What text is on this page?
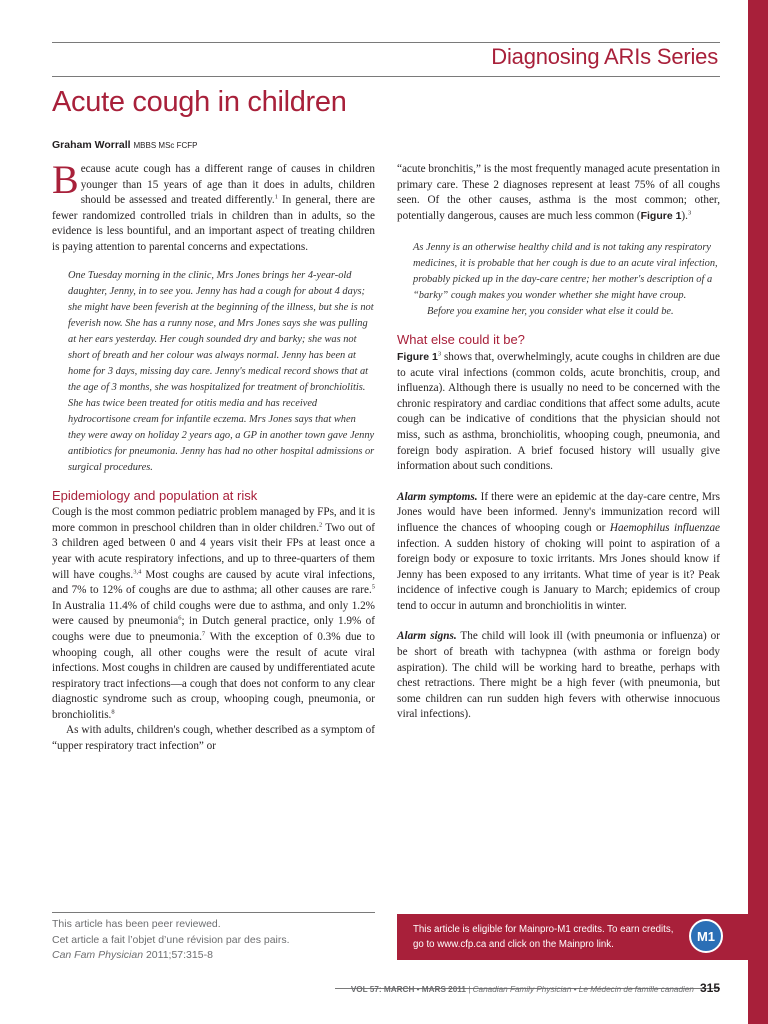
Diagnosing ARIs Series
Acute cough in children
Graham Worrall MBBS MSc FCFP

Because acute cough has a different range of causes in children younger than 15 years of age than it does in adults, children should be assessed and treated differently.$^1$ In general, there are fewer randomized controlled trials in children than in adults, so the evidence is less bountiful, and an important aspect of treating children is paying attention to parental concerns and expectations.

One Tuesday morning in the clinic, Mrs Jones brings her 4-year-old daughter, Jenny, in to see you. Jenny has had a cough for about 4 days; she might have been feverish at the beginning of the illness, but she is not feverish now. She has a runny nose, and Mrs Jones says she was pulling at her ears yesterday. Her cough sounded dry and barky; she was not short of breath and her colour was always normal. Jenny has been at home for 3 days, missing day care. Jenny's medical record shows that at the age of 3 months, she was hospitalized for treatment of bronchiolitis. She has twice been treated for otitis media and has received hydrocortisone cream for infantile eczema. Mrs Jones says that when they were away on holiday 2 years ago, a GP in another town gave Jenny antibiotics for pneumonia. Jenny has had no other hospital admissions or surgical procedures.

Epidemiology and population at risk

Cough is the most common pediatric problem managed by FPs, and it is more common in preschool children than in older children.$^2$ Two out of 3 children aged between 0 and 4 years visit their FPs at least once a year with acute respiratory infections, and up to three-quarters of them will have coughs.$^{3,4}$ Most coughs are caused by acute viral infections, and 7% to 12% of coughs are due to asthma; all other causes are rare.$^5$ In Australia 11.4% of child coughs were due to asthma, and only 1.2% were caused by pneumonia$^6$; in Dutch general practice, only 1.9% of coughs were due to pneumonia.$^7$ With the exception of 0.3% due to whooping cough, all other coughs were the result of acute viral infections. Most coughs in children are caused by undifferentiated acute respiratory tract infections—a cough that does not conform to any clear diagnostic syndrome such as croup, whooping cough, pneumonia, or bronchiolitis.$^8$

As with adults, children's cough, whether described as a symptom of “upper respiratory tract infection” or

“acute bronchitis,” is the most frequently managed acute presentation in primary care. These 2 diagnoses represent at least 75% of all coughs seen. Of the other causes, asthma is the most common; other, potentially dangerous, causes are much less common (Figure 1).$^3$

As Jenny is an otherwise healthy child and is not taking any respiratory medicines, it is probable that her cough is due to an acute viral infection, probably picked up in the day-care centre; her mother's description of a “barky” cough makes you wonder whether she might have croup.

Before you examine her, you consider what else it could be.

What else could it be?

Figure $1^3$ shows that, overwhelmingly, acute coughs in children are due to acute viral infections (common colds, acute bronchitis, croup, and influenza). Although there is usually no need to be concerned with the chronic respiratory and cardiac conditions that affect some adults, acute cough can be indicative of conditions that the physician should not miss, such as asthma, bronchiolitis, whooping cough, pneumonia, and foreign body aspiration. A brief focused history will usually give information about such conditions.

Alarm symptoms. If there were an epidemic at the day-care centre, Mrs Jones would have been informed. Jenny's immunization record will influence the chances of whooping cough or Haemophilus influenzae infection. A sudden history of choking will point to aspiration of a foreign body or exposure to toxic irritants. Mrs Jones should know if Jenny has been exposed to any irritants. What time of year is it? Peak incidence of infective cough is January to March; epidemics of croup tend to occur in autumn and bronchiolitis in winter.

Alarm signs. The child will look ill (with pneumonia or influenza) or be short of breath with tachypnea (with asthma or foreign body aspiration). The child will be working hard to breathe, perhaps with chest retractions. There might be a high fever (with pneumonia, but some children can run sudden high fevers with otherwise innocuous viral infections).

This article has been peer reviewed.
Cet article a fait l’objet d’une révision par des pairs.
Can Fam Physician 2011;57:315-8
This article is eligible for Mainpro-M1 credits. To earn credits, go to www.cfp.ca and click on the Mainpro link.
M1
VOL 57: MARCH • MARS 2011 | Canadian Family Physician • Le Médecin de famille canadien 315
